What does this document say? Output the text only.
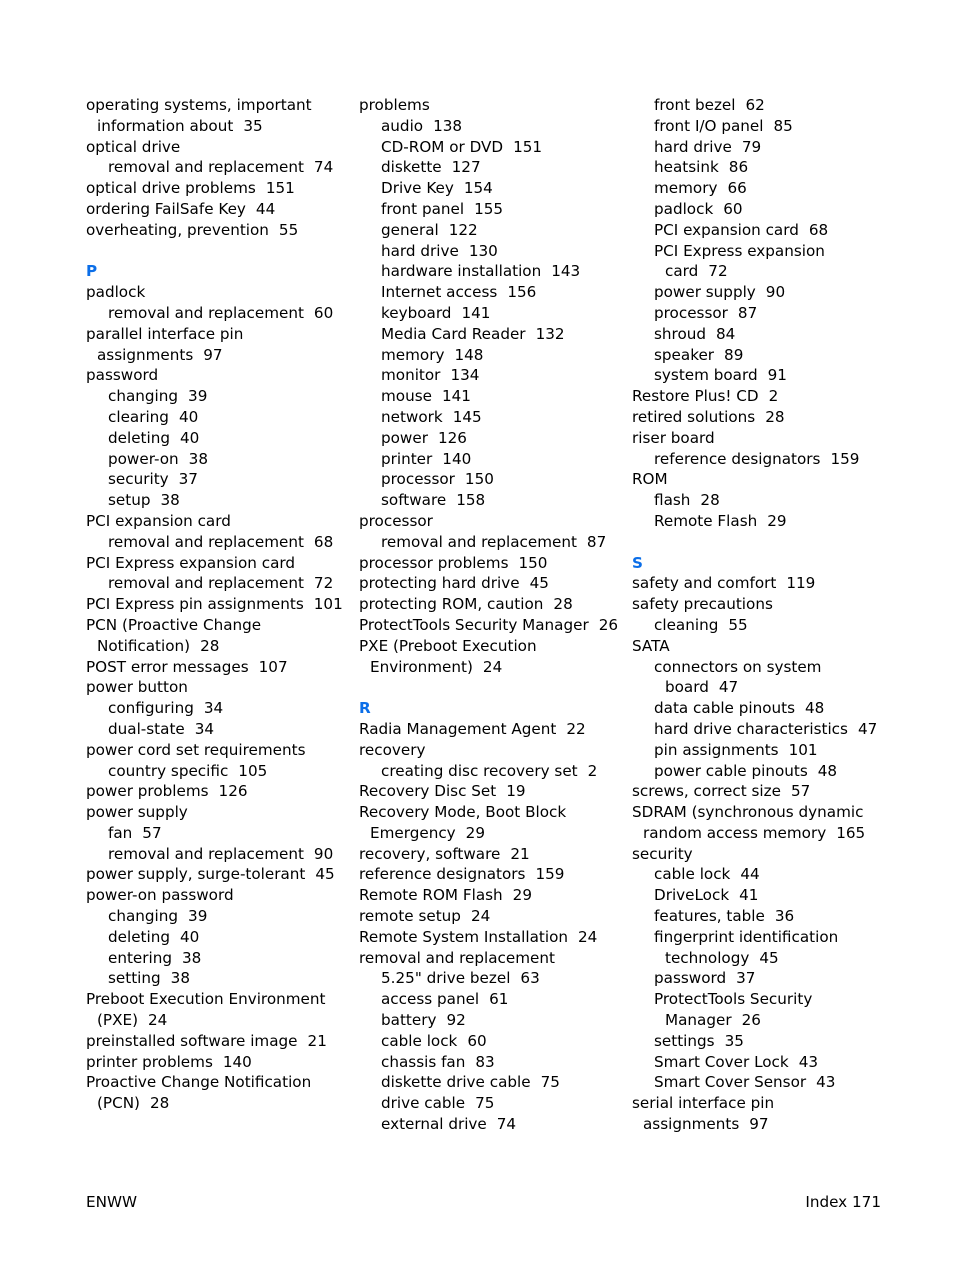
operating systems, important
information about 35
optical drive
removal and replacement 74
optical drive problems 151
ordering FailSafe Key 44
overheating, prevention 55
P
padlock
removal and replacement 60
parallel interface pin
assignments 97
password
changing 39
clearing 40
deleting 40
power-on 38
security 37
setup 38
PCI expansion card
removal and replacement 68
PCI Express expansion card
removal and replacement 72
PCI Express pin assignments 101
PCN (Proactive Change
Notification) 28
POST error messages 107
power button
configuring 34
dual-state 34
power cord set requirements
country specific 105
power problems 126
power supply
fan 57
removal and replacement 90
power supply, surge-tolerant 45
power-on password
changing 39
deleting 40
entering 38
setting 38
Preboot Execution Environment
(PXE) 24
preinstalled software image 21
printer problems 140
Proactive Change Notification
(PCN) 28
problems
audio 138
CD-ROM or DVD 151
diskette 127
Drive Key 154
front panel 155
general 122
hard drive 130
hardware installation 143
Internet access 156
keyboard 141
Media Card Reader 132
memory 148
monitor 134
mouse 141
network 145
power 126
printer 140
processor 150
software 158
processor
removal and replacement 87
processor problems 150
protecting hard drive 45
protecting ROM, caution 28
ProtectTools Security Manager 26
PXE (Preboot Execution
Environment) 24
R
Radia Management Agent 22
recovery
creating disc recovery set 2
Recovery Disc Set 19
Recovery Mode, Boot Block
Emergency 29
recovery, software 21
reference designators 159
Remote ROM Flash 29
remote setup 24
Remote System Installation 24
removal and replacement
5.25" drive bezel 63
access panel 61
battery 92
cable lock 60
chassis fan 83
diskette drive cable 75
drive cable 75
external drive 74
front bezel 62
front I/O panel 85
hard drive 79
heatsink 86
memory 66
padlock 60
PCI expansion card 68
PCI Express expansion
card 72
power supply 90
processor 87
shroud 84
speaker 89
system board 91
Restore Plus! CD 2
retired solutions 28
riser board
reference designators 159
ROM
flash 28
Remote Flash 29
S
safety and comfort 119
safety precautions
cleaning 55
SATA
connectors on system
board 47
data cable pinouts 48
hard drive characteristics 47
pin assignments 101
power cable pinouts 48
screws, correct size 57
SDRAM (synchronous dynamic
random access memory 165
security
cable lock 44
DriveLock 41
features, table 36
fingerprint identification
technology 45
password 37
ProtectTools Security
Manager 26
settings 35
Smart Cover Lock 43
Smart Cover Sensor 43
serial interface pin
assignments 97
ENWW	Index 171
